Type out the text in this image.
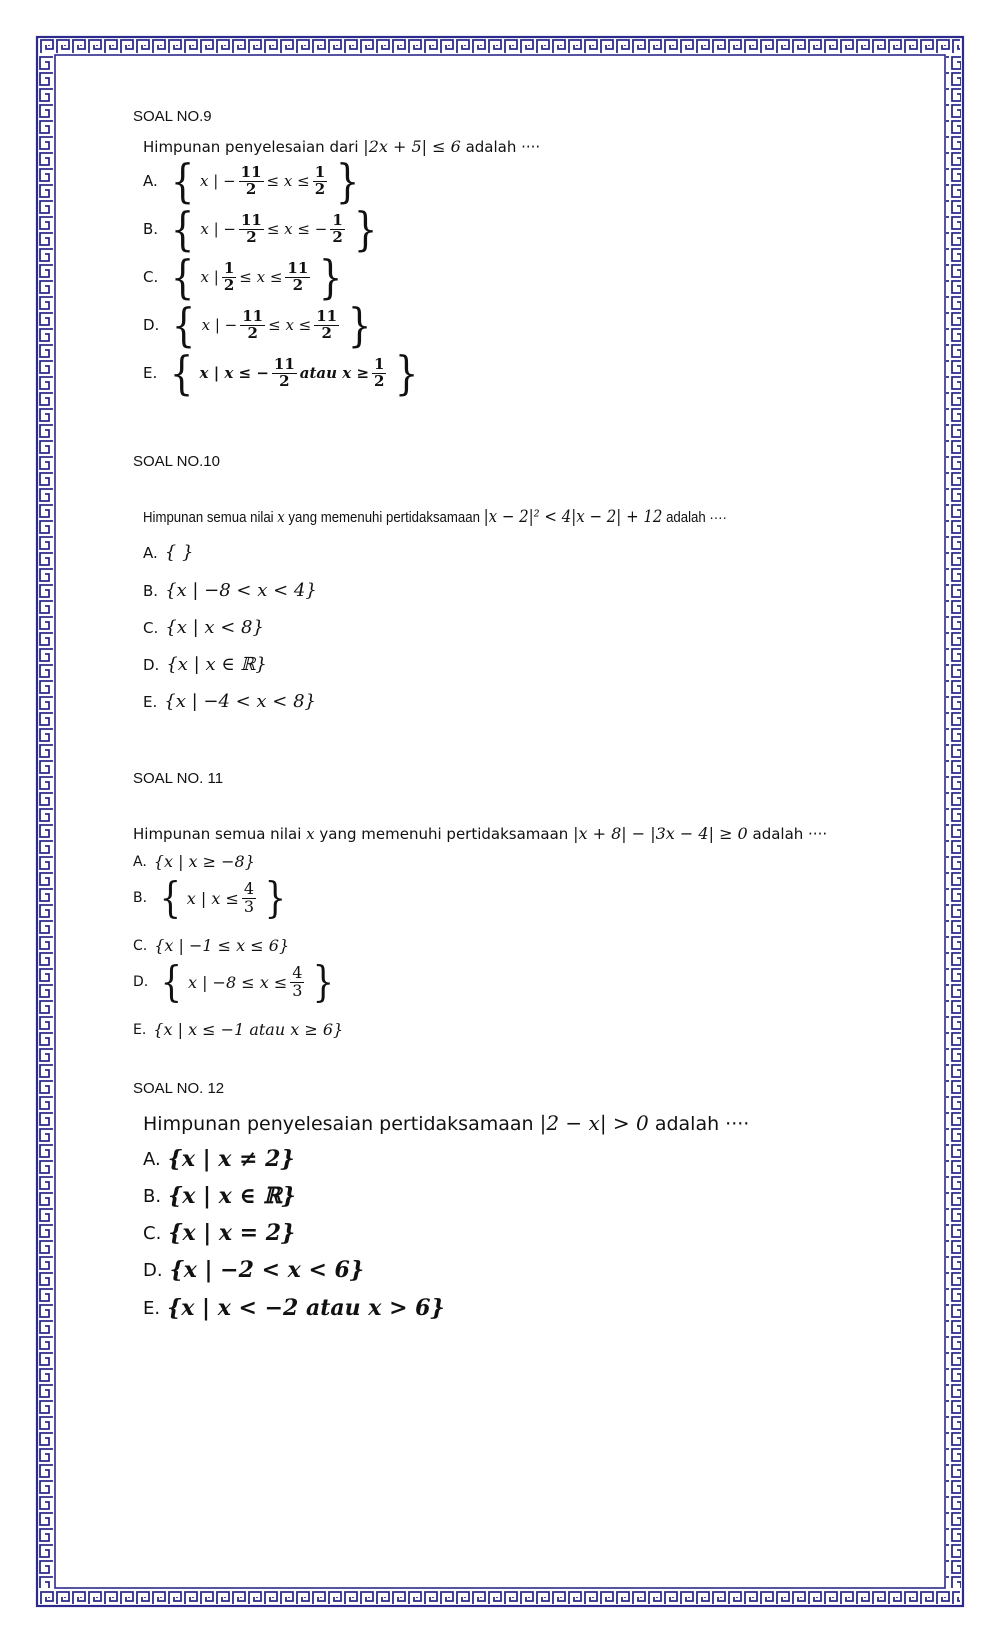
SOAL NO.9
Himpunan penyelesaian dari |2x + 5| ≤ 6 adalah ····
A. { x | − $\frac{11}{2} \le x \le \frac{1}{2}$ }
B. { x | − $\frac{11}{2} \le x$ ≤ − $\frac{1}{2}$ }
C. { x | $\frac{1}{2} \le x \le \frac{11}{2}$ }
D. { x | − $\frac{11}{2} \le x \le \frac{11}{2}$ }
E. { x | x ≤ − $\frac{11}{2}$ atau $x \ge \frac{1}{2}$ }
SOAL NO.10
Himpunan semua nilai x yang memenuhi pertidaksamaan |x − 2|² < 4|x − 2| + 12 adalah ····
A. { }
B. {x | −8 < x < 4}
C. {x | x < 8}
D. {x | x ∈ ℝ}
E. {x | −4 < x < 8}
SOAL NO. 11
Himpunan semua nilai x yang memenuhi pertidaksamaan |x + 8| − |3x − 4| ≥ 0 adalah ····
A. {x | x ≥ −8}
B. { x | $x \le \frac{4}{3}$ }
C. {x | −1 ≤ x ≤ 6}
D. { x | $-8 \le x \le \frac{4}{3}$ }
E. {x | x ≤ −1 atau x ≥ 6}
SOAL NO. 12
Himpunan penyelesaian pertidaksamaan |2 − x| > 0 adalah ····
A. {x | x ≠ 2}
B. {x | x ∈ ℝ}
C. {x | x = 2}
D. {x | −2 < x < 6}
E. {x | x < −2 atau x > 6}
